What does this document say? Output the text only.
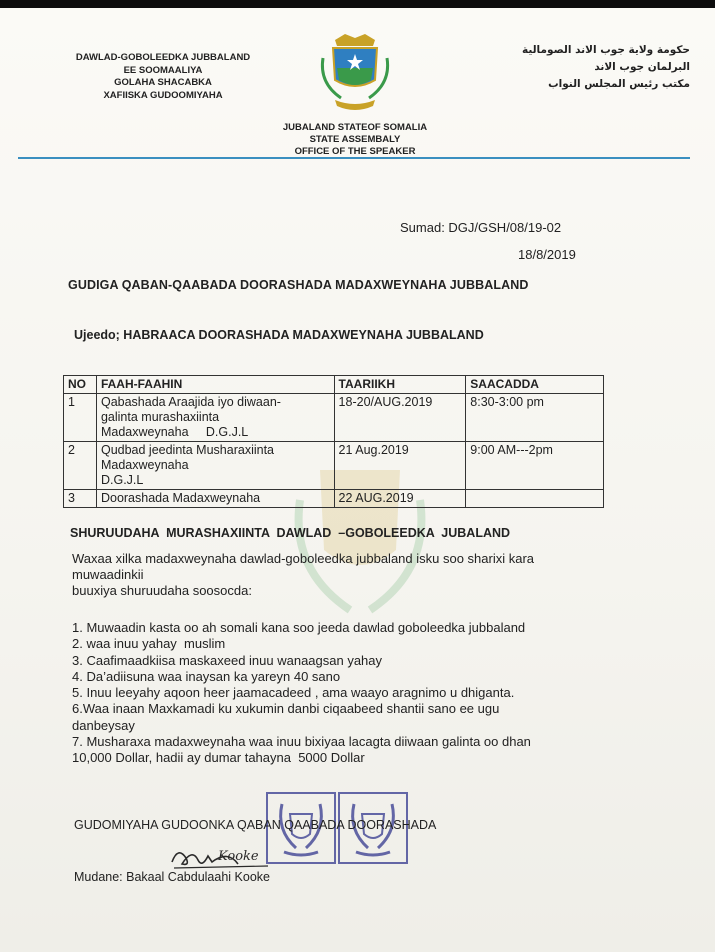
DAWLAD-GOBOLEEDKA JUBBALAND
EE SOOMAALIYA
GOLAHA SHACABKA
XAFIISKA GUDOOMIYAHA
حكومة ولاية جوب الاند الصومالية
البرلمان جوب الاند
مكتب رئيس المجلس النواب
JUBALAND STATEOF SOMALIA
STATE ASSEMBALY
OFFICE OF THE SPEAKER
Sumad: DGJ/GSH/08/19-02
18/8/2019
GUDIGA QABAN-QAABADA DOORASHADA MADAXWEYNAHA JUBBALAND
Ujeedo; HABRAACA DOORASHADA MADAXWEYNAHA JUBBALAND
NO	FAAH-FAAHIN	TAARIIKH	SAACADDA
1	Qabashada Araajida iyo diwaan-
galinta murashaxiinta
Madaxweynaha     D.G.J.L	18-20/AUG.2019	8:30-3:00 pm
2	Qudbad jeedinta Musharaxiinta
Madaxweynaha
D.G.J.L	21 Aug.2019	9:00 AM---2pm
3	Doorashada Madaxweynaha	22 AUG.2019	
SHURUUDAHA  MURASHAXIINTA  DAWLAD  –GOBOLEEDKA  JUBALAND
Waxaa xilka madaxweynaha dawlad-goboleedka jubbaland isku soo sharixi kara
muwaadinkii
buuxiya shuruudaha soosocda:
1. Muwaadin kasta oo ah somali kana soo jeeda dawlad goboleedka jubbaland
2. waa inuu yahay  muslim
3. Caafimaadkiisa maskaxeed inuu wanaagsan yahay
4. Da’adiisuna waa inaysan ka yareyn 40 sano
5. Inuu leeyahy aqoon heer jaamacadeed , ama waayo aragnimo u dhiganta.
6.Waa inaan Maxkamadi ku xukumin danbi ciqaabeed shantii sano ee ugu
danbeysay
7. Musharaxa madaxweynaha waa inuu bixiyaa lacagta diiwaan galinta oo dhan
10,000 Dollar, hadii ay dumar tahayna  5000 Dollar
GUDOMIYAHA GUDOONKA QABAN QAABADA DOORASHADA
Kooke
Mudane: Bakaal Cabdulaahi Kooke
